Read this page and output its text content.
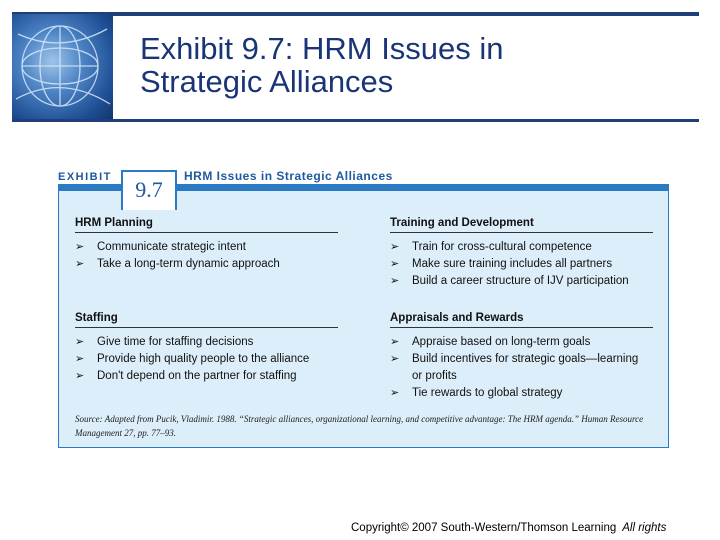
Exhibit 9.7: HRM Issues in
Strategic Alliances
EXHIBIT	9.7
HRM Issues in Strategic Alliances
HRM Planning
➢	Communicate strategic intent
➢	Take a long-term dynamic approach
Training and Development
➢	Train for cross-cultural competence
➢	Make sure training includes all partners
➢	Build a career structure of IJV participation
Staffing
➢	Give time for staffing decisions
➢	Provide high quality people to the alliance
➢	Don't depend on the partner for staffing
Appraisals and Rewards
➢	Appraise based on long-term goals
➢	Build incentives for strategic goals—learning
or profits
➢	Tie rewards to global strategy
Source: Adapted from Pucik, Vladimir. 1988. “Strategic alliances, organizational learning, and competitive advantage: The HRM agenda.” Human Resource Management 27, pp. 77–93.
Copyright© 2007 South-Western/Thomson Learning All rights
